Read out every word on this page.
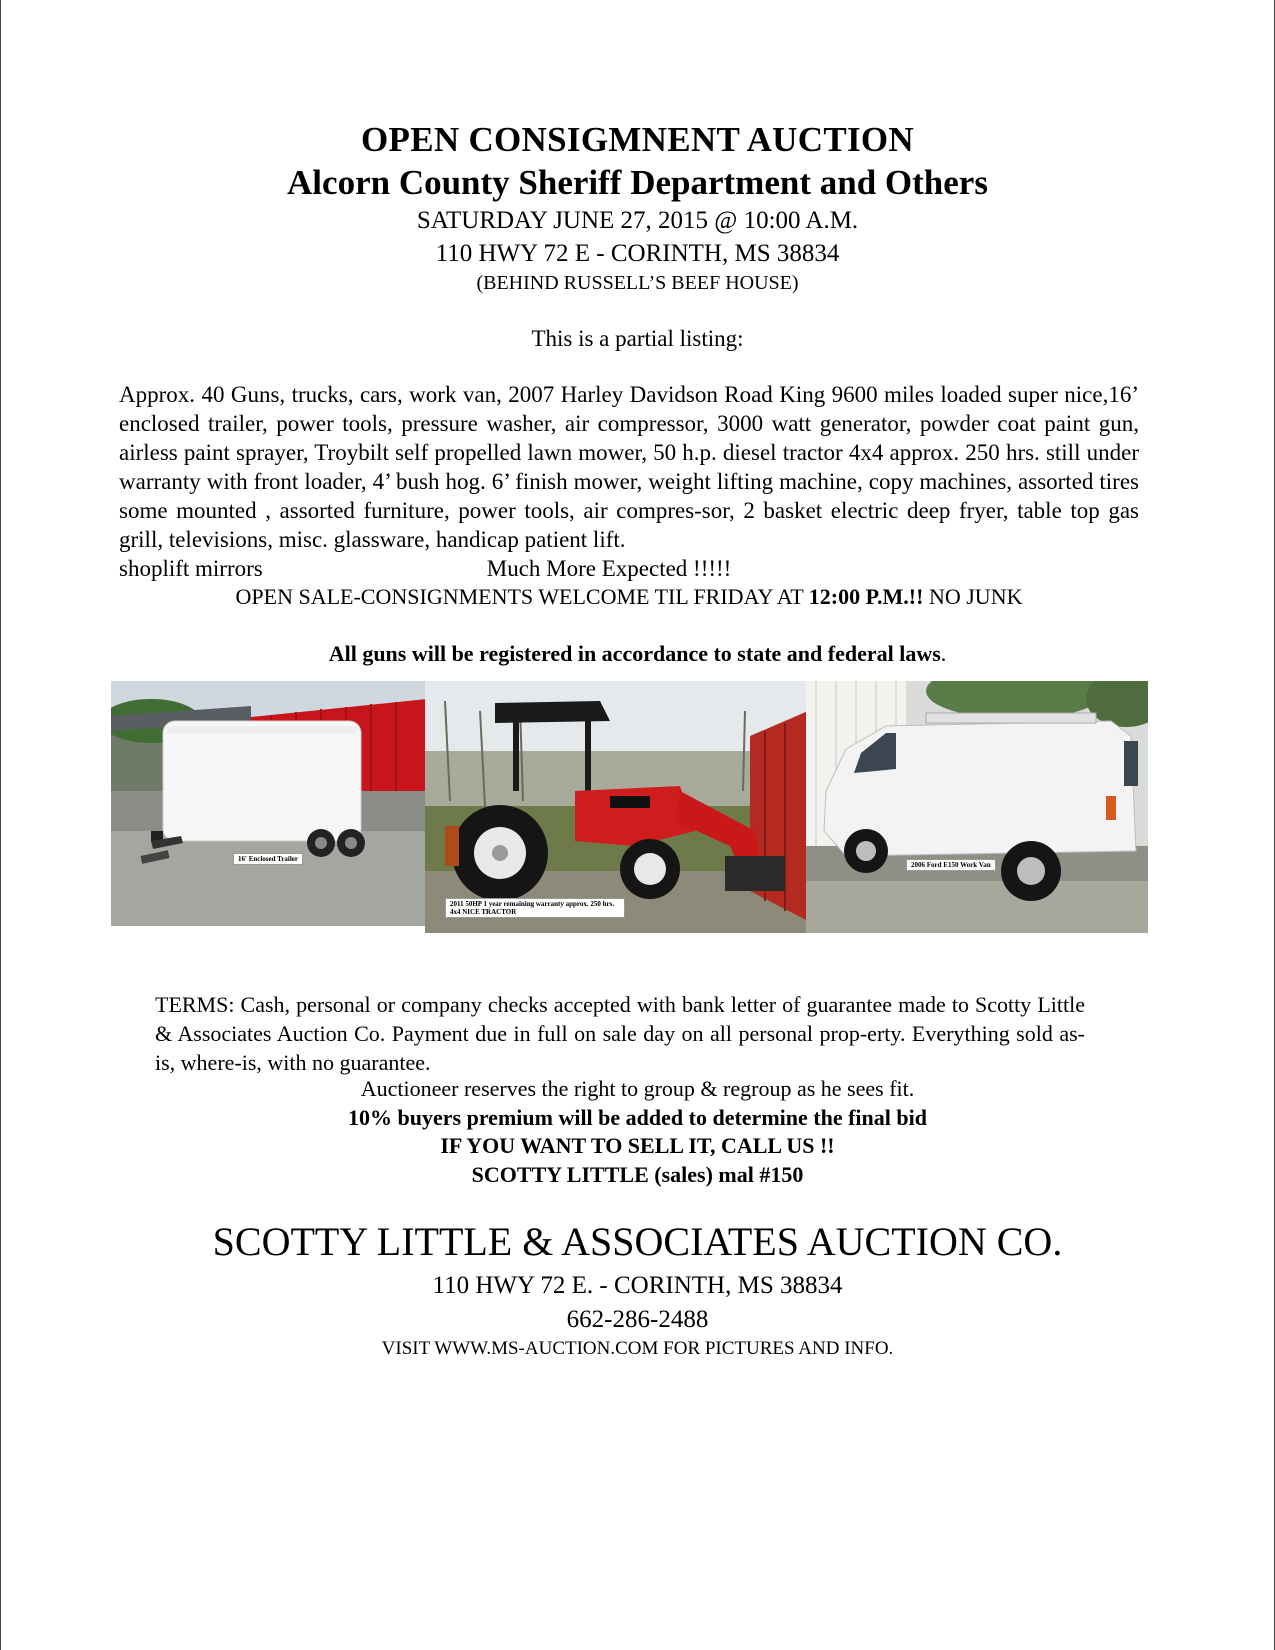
OPEN CONSIGMNENT AUCTION
Alcorn County Sheriff Department and Others
SATURDAY JUNE 27, 2015 @ 10:00 A.M.
110 HWY 72 E - CORINTH, MS 38834
(BEHIND RUSSELL’S BEEF HOUSE)
This is a partial listing:
Approx. 40 Guns, trucks, cars, work van, 2007 Harley Davidson Road King 9600 miles loaded super nice,16’ enclosed trailer, power tools, pressure washer, air compressor, 3000 watt generator, powder coat paint gun, airless paint sprayer, Troybilt self propelled lawn mower, 50 h.p. diesel tractor 4x4 approx. 250 hrs. still under warranty with front loader, 4’ bush hog. 6’ finish mower, weight lifting machine, copy machines, assorted tires some mounted , assorted furniture, power tools, air compres-sor, 2 basket electric deep fryer, table top gas grill, televisions, misc. glassware, handicap patient lift.
shoplift mirrors	Much More Expected !!!!!
OPEN SALE-CONSIGNMENTS WELCOME TIL FRIDAY AT 12:00 P.M.!! NO JUNK
All guns will be registered in accordance to state and federal laws.
16' Enclosed Trailer
2011 50HP 1 year remaining warranty approx. 250 hrs. 4x4 NICE TRACTOR
2006 Ford E150 Work Van
TERMS: Cash, personal or company checks accepted with bank letter of guarantee made to Scotty Little & Associates Auction Co. Payment due in full on sale day on all personal prop-erty. Everything sold as-is, where-is, with no guarantee.
Auctioneer reserves the right to group & regroup as he sees fit.
10% buyers premium will be added to determine the final bid
IF YOU WANT TO SELL IT, CALL US !!
SCOTTY LITTLE (sales) mal #150
SCOTTY LITTLE & ASSOCIATES AUCTION CO.
110 HWY 72 E. - CORINTH, MS 38834
662-286-2488
VISIT WWW.MS-AUCTION.COM FOR PICTURES AND INFO.
